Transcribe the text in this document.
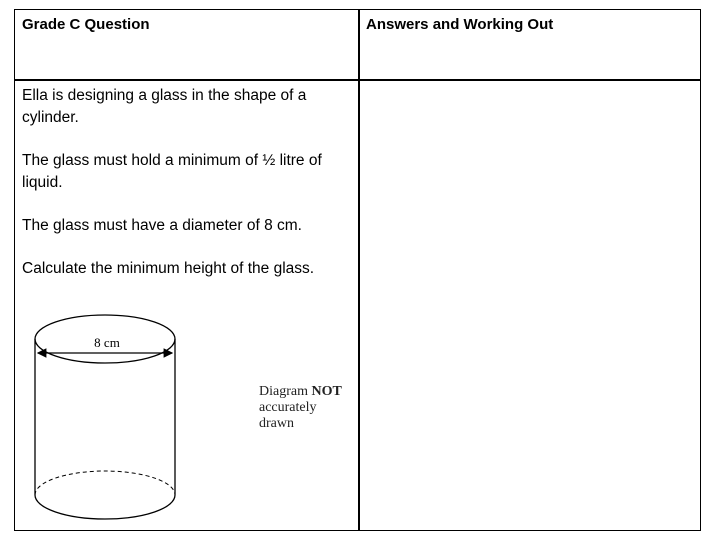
Grade C Question	Answers and Working Out

Ella is designing a glass in the shape of a cylinder.

The glass must hold a minimum of ½ litre of liquid.

The glass must have a diameter of 8 cm.

Calculate the minimum height of the glass.

8 cm
Diagram NOT
accurately drawn
